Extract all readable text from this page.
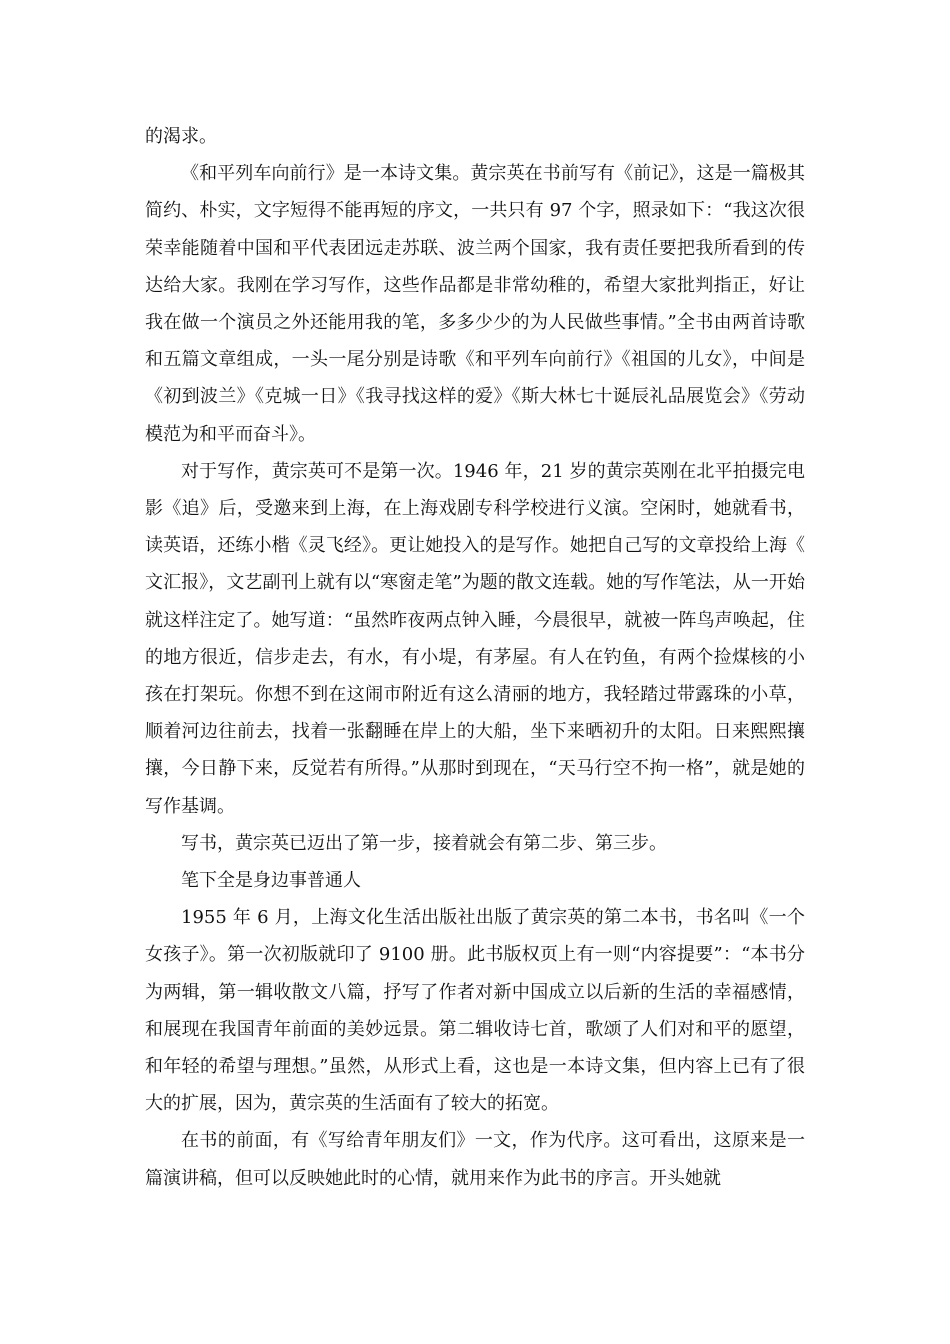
的渴求。

《和平列车向前行》是一本诗文集。黄宗英在书前写有《前记》，这是一篇极其简约、朴实，文字短得不能再短的序文，一共只有 97 个字，照录如下：“我这次很荣幸能随着中国和平代表团远走苏联、波兰两个国家，我有责任要把我所看到的传达给大家。我刚在学习写作，这些作品都是非常幼稚的，希望大家批判指正，好让我在做一个演员之外还能用我的笔，多多少少的为人民做些事情。”全书由两首诗歌和五篇文章组成，一头一尾分别是诗歌《和平列车向前行》《祖国的儿女》，中间是《初到波兰》《克城一日》《我寻找这样的爱》《斯大林七十诞辰礼品展览会》《劳动模范为和平而奋斗》。

对于写作，黄宗英可不是第一次。1946 年，21 岁的黄宗英刚在北平拍摄完电影《追》后，受邀来到上海，在上海戏剧专科学校进行义演。空闲时，她就看书，读英语，还练小楷《灵飞经》。更让她投入的是写作。她把自己写的文章投给上海《文汇报》，文艺副刊上就有以“寒窗走笔”为题的散文连载。她的写作笔法，从一开始就这样注定了。她写道：“虽然昨夜两点钟入睡，今晨很早，就被一阵鸟声唤起，住的地方很近，信步走去，有水，有小堤，有茅屋。有人在钓鱼，有两个捡煤核的小孩在打架玩。你想不到在这闹市附近有这么清丽的地方，我轻踏过带露珠的小草，顺着河边往前去，找着一张翻睡在岸上的大船，坐下来晒初升的太阳。日来熙熙攘攘，今日静下来，反觉若有所得。”从那时到现在，“天马行空不拘一格”，就是她的写作基调。

写书，黄宗英已迈出了第一步，接着就会有第二步、第三步。

笔下全是身边事普通人

1955 年 6 月，上海文化生活出版社出版了黄宗英的第二本书，书名叫《一个女孩子》。第一次初版就印了 9100 册。此书版权页上有一则“内容提要”：“本书分为两辑，第一辑收散文八篇，抒写了作者对新中国成立以后新的生活的幸福感情，和展现在我国青年前面的美妙远景。第二辑收诗七首，歌颂了人们对和平的愿望，和年轻的希望与理想。”虽然，从形式上看，这也是一本诗文集，但内容上已有了很大的扩展，因为，黄宗英的生活面有了较大的拓宽。

在书的前面，有《写给青年朋友们》一文，作为代序。这可看出，这原来是一篇演讲稿，但可以反映她此时的心情，就用来作为此书的序言。开头她就
